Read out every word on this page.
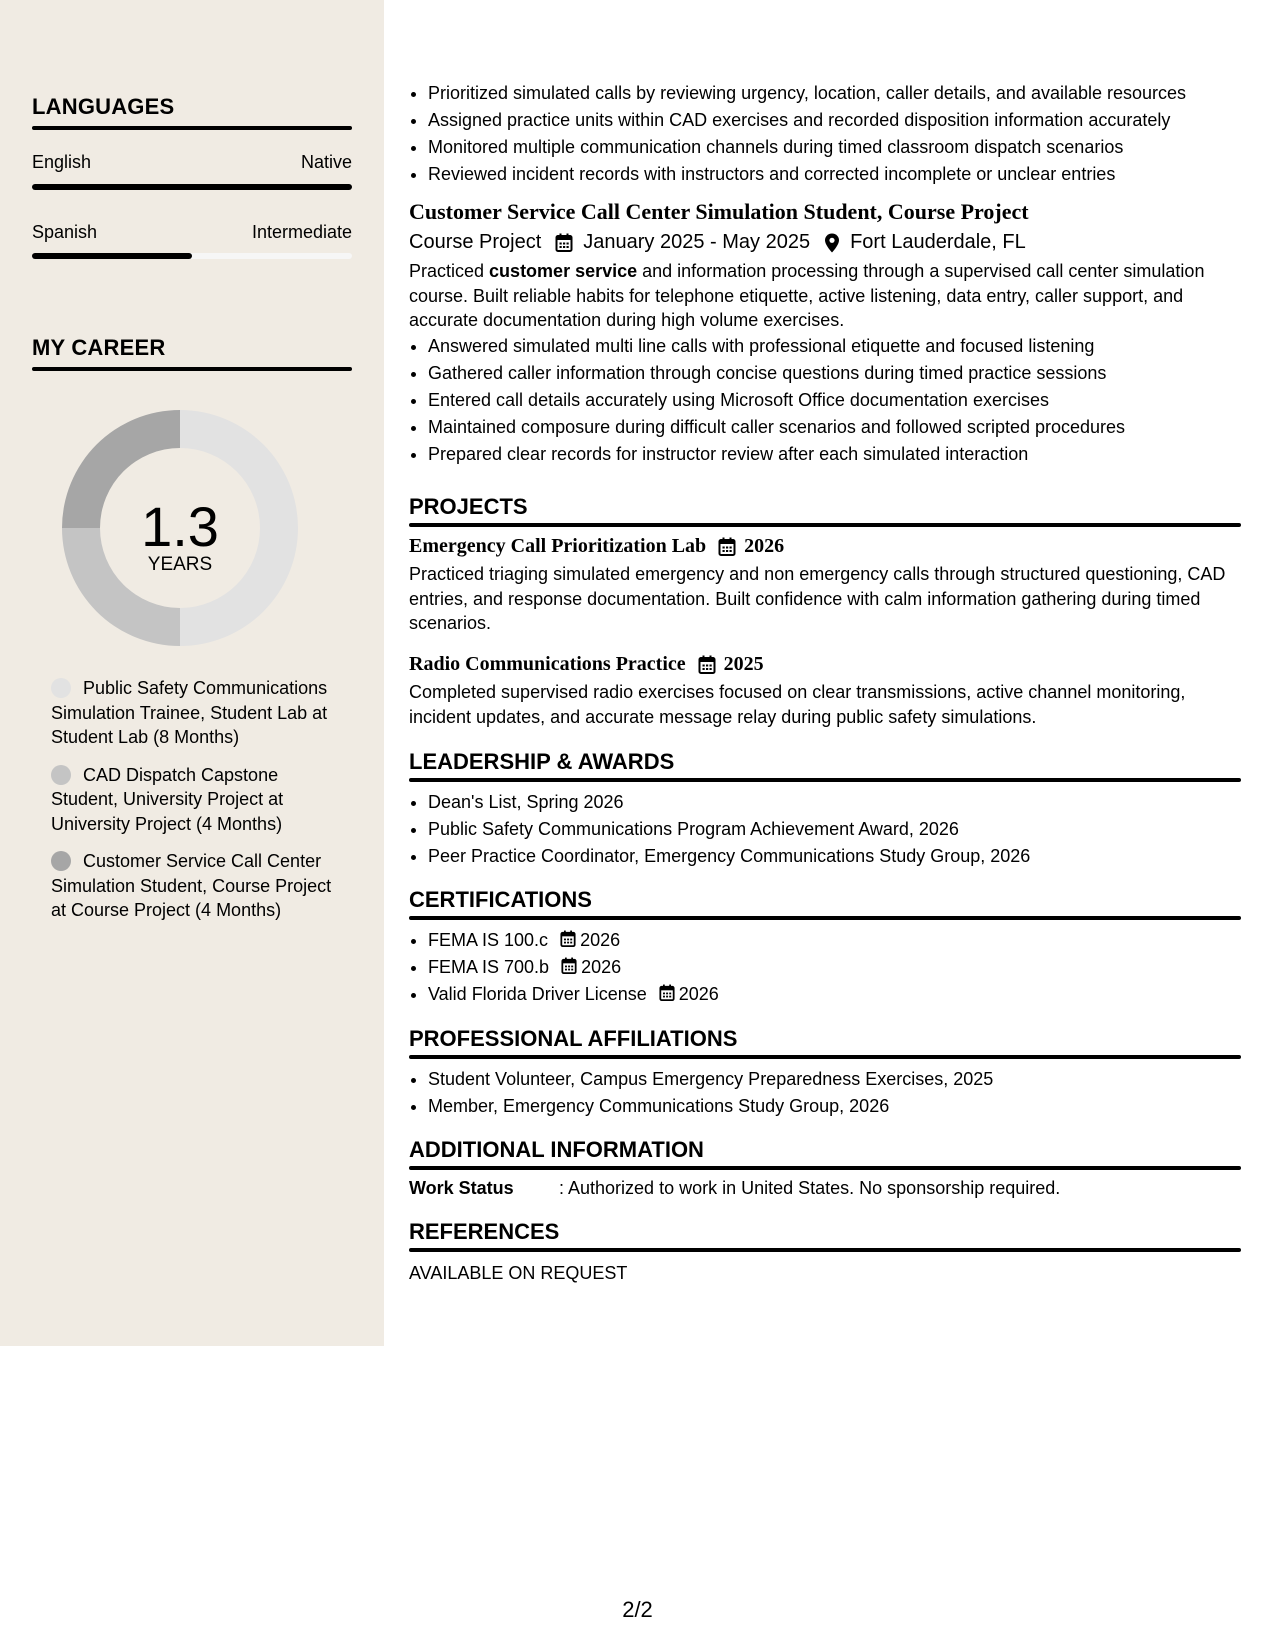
LANGUAGES
English	Native
Spanish	Intermediate
MY CAREER
1.3
YEARS
Public Safety Communications Simulation Trainee, Student Lab at Student Lab (8 Months)
CAD Dispatch Capstone Student, University Project at University Project (4 Months)
Customer Service Call Center Simulation Student, Course Project at Course Project (4 Months)
• Prioritized simulated calls by reviewing urgency, location, caller details, and available resources
• Assigned practice units within CAD exercises and recorded disposition information accurately
• Monitored multiple communication channels during timed classroom dispatch scenarios
• Reviewed incident records with instructors and corrected incomplete or unclear entries
Customer Service Call Center Simulation Student, Course Project
Course Project January 2025 - May 2025 Fort Lauderdale, FL
Practiced customer service and information processing through a supervised call center simulation course. Built reliable habits for telephone etiquette, active listening, data entry, caller support, and accurate documentation during high volume exercises.
• Answered simulated multi line calls with professional etiquette and focused listening
• Gathered caller information through concise questions during timed practice sessions
• Entered call details accurately using Microsoft Office documentation exercises
• Maintained composure during difficult caller scenarios and followed scripted procedures
• Prepared clear records for instructor review after each simulated interaction
PROJECTS
Emergency Call Prioritization Lab 2026
Practiced triaging simulated emergency and non emergency calls through structured questioning, CAD entries, and response documentation. Built confidence with calm information gathering during timed scenarios.
Radio Communications Practice 2025
Completed supervised radio exercises focused on clear transmissions, active channel monitoring, incident updates, and accurate message relay during public safety simulations.
LEADERSHIP & AWARDS
• Dean's List, Spring 2026
• Public Safety Communications Program Achievement Award, 2026
• Peer Practice Coordinator, Emergency Communications Study Group, 2026
CERTIFICATIONS
• FEMA IS 100.c 2026
• FEMA IS 700.b 2026
• Valid Florida Driver License 2026
PROFESSIONAL AFFILIATIONS
• Student Volunteer, Campus Emergency Preparedness Exercises, 2025
• Member, Emergency Communications Study Group, 2026
ADDITIONAL INFORMATION
Work Status	: Authorized to work in United States. No sponsorship required.
REFERENCES
AVAILABLE ON REQUEST
2/2
